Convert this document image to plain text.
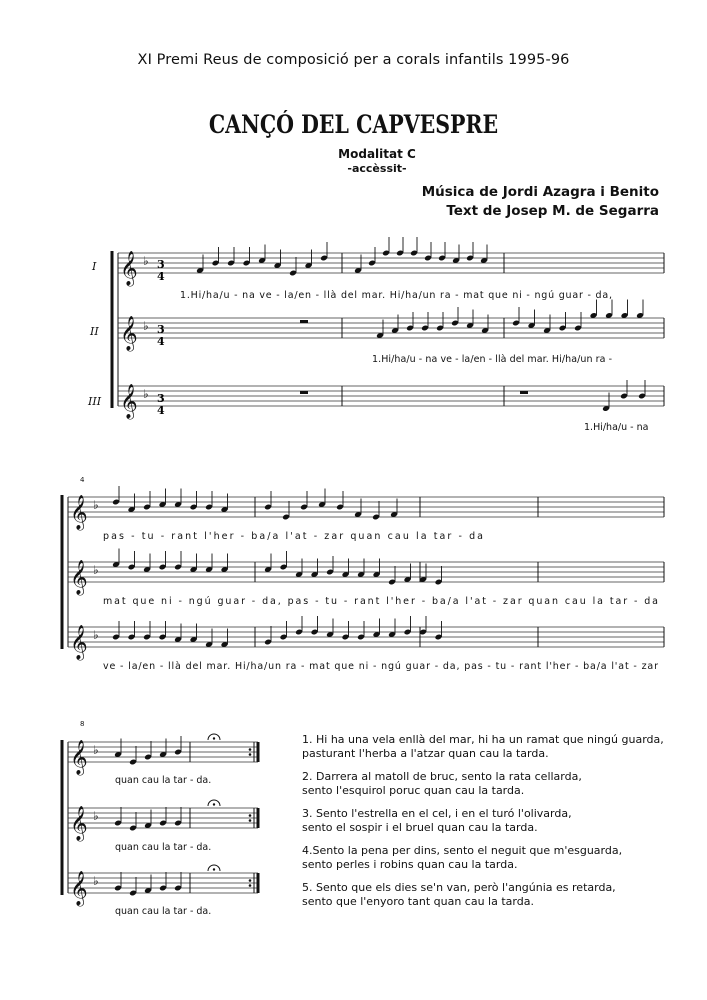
XI Premi Reus de composició per a corals infantils 1995-96
CANÇÓ DEL CAPVESPRE
Modalitat C
-accèssit-
Música de Jordi Azagra i Benito
Text de Josep M. de Segarra
𝄞 ♭
𝄞 ♭
𝄞 ♭
𝄞 ♭
𝄞 ♭
𝄞 ♭
𝄞 ♭
𝄞 ♭
𝄞 ♭
I
II
III
4
8
3
4
3
4
3
4
1.Hi/ha/u - na ve - la/en - llà del mar. Hi/ha/un ra - mat que ni - ngú guar - da,
1.Hi/ha/u - na ve - la/en - llà del mar. Hi/ha/un ra -
1.Hi/ha/u - na
pas - tu - rant l'her - ba/a l'at - zar quan cau la tar - da
mat que ni - ngú guar - da, pas - tu - rant l'her - ba/a l'at - zar quan cau la tar - da
ve - la/en - llà del mar. Hi/ha/un ra - mat que ni - ngú guar - da, pas - tu - rant l'her - ba/a l'at - zar
quan cau la tar - da.
quan cau la tar - da.
quan cau la tar - da.

1. Hi ha una vela enllà del mar, hi ha un ramat que ningú guarda,

pasturant l'herba a l'atzar quan cau la tarda.

2. Darrera al matoll de bruc, sento la rata cellarda,

sento l'esquirol poruc quan cau la tarda.

3. Sento l'estrella en el cel, i en el turó l'olivarda,

sento el sospir i el bruel quan cau la tarda.

4.Sento la pena per dins, sento el neguit que m'esguarda,

sento perles i robins quan cau la tarda.

5. Sento que els dies se'n van, però l'angúnia es retarda,

sento que l'enyoro tant quan cau la tarda.
